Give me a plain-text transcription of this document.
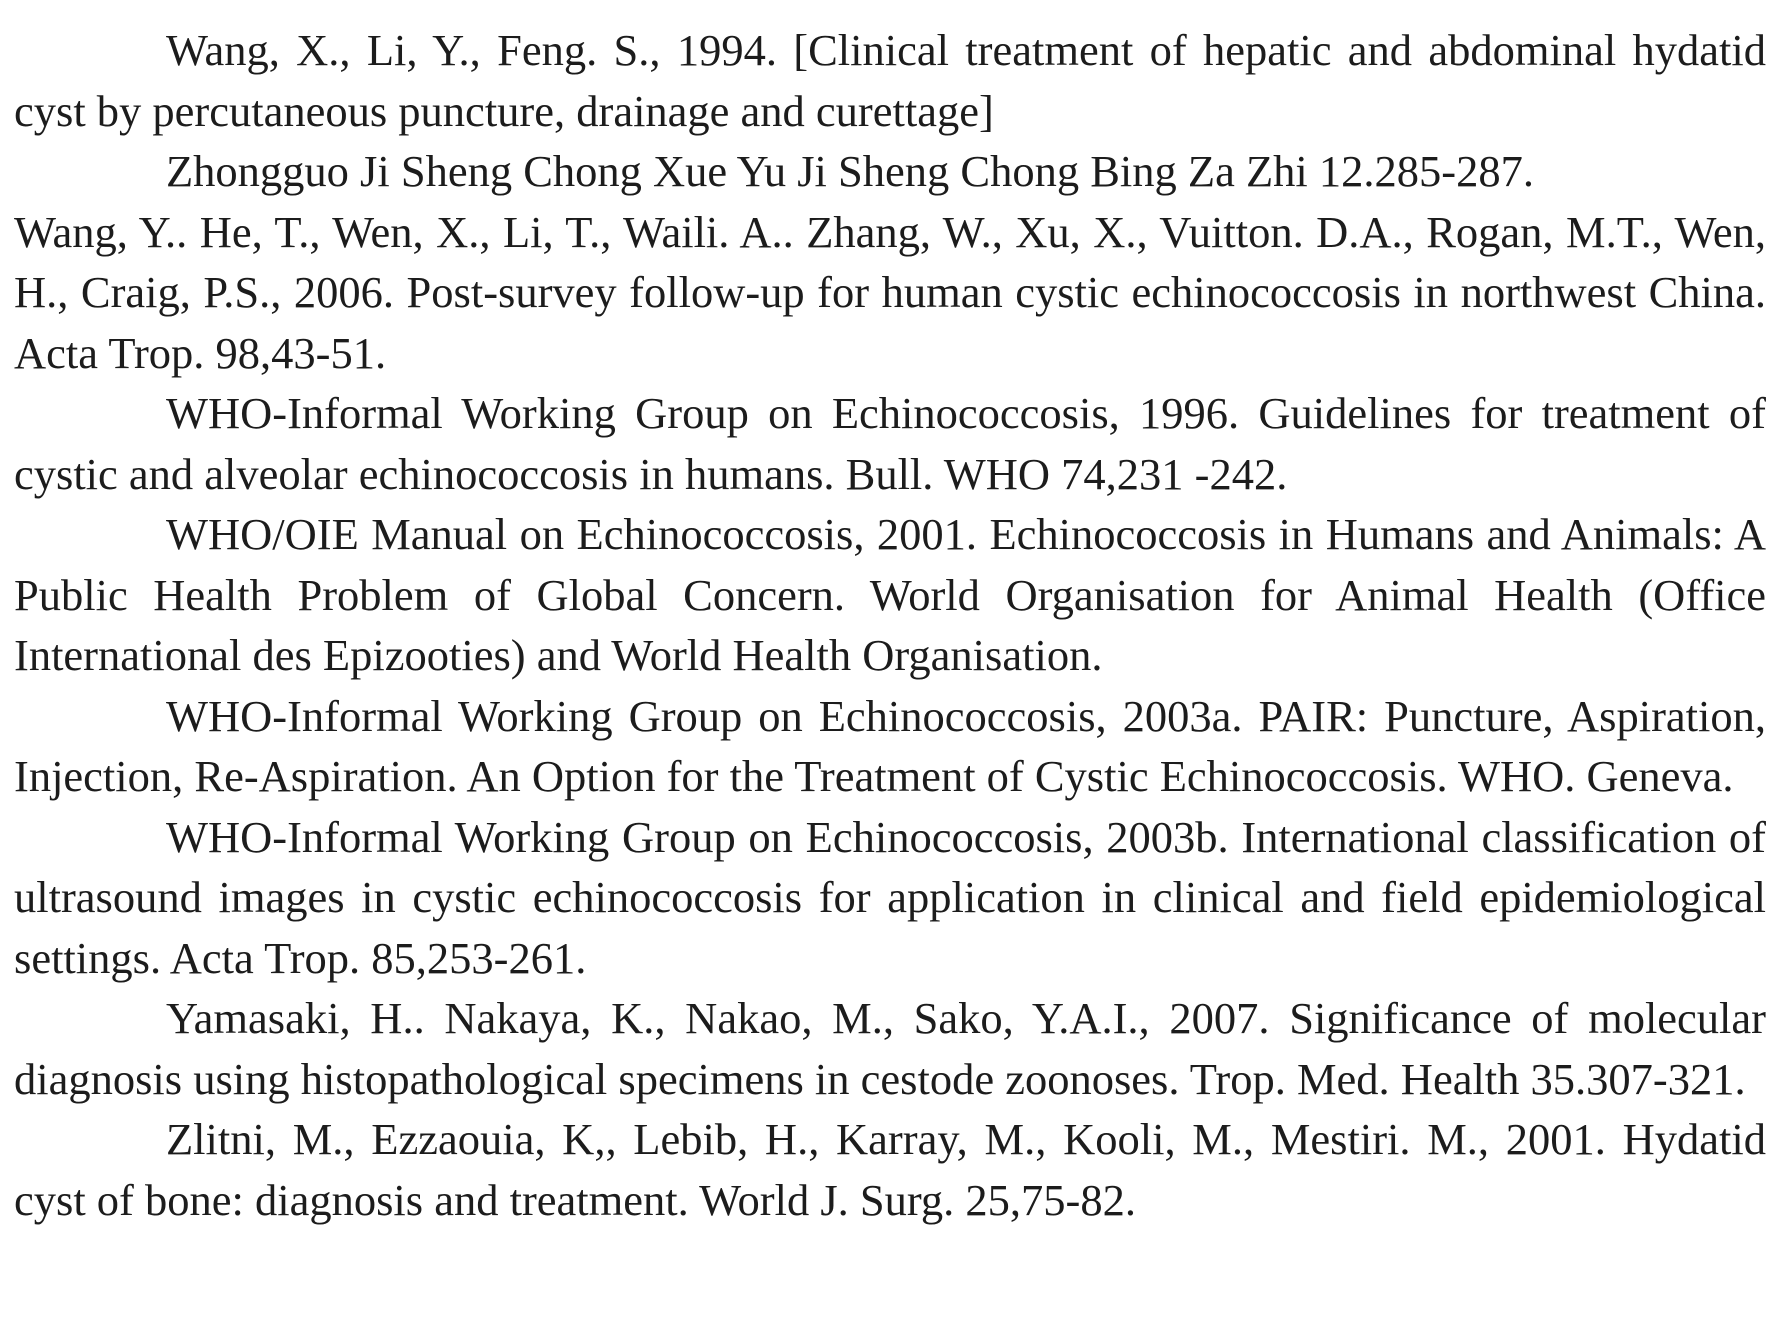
Wang, X., Li, Y., Feng. S., 1994. [Clinical treatment of hepatic and abdominal hydatid cyst by percutaneous puncture, drainage and curettage]

Zhongguo Ji Sheng Chong Xue Yu Ji Sheng Chong Bing Za Zhi 12.285-287.

Wang, Y.. He, T., Wen, X., Li, T., Waili. A.. Zhang, W., Xu, X., Vuitton. D.A., Rogan, M.T., Wen, H., Craig, P.S., 2006. Post-survey follow-up for human cystic echinococcosis in northwest China. Acta Trop. 98,43-51.

WHO-Informal Working Group on Echinococcosis, 1996. Guidelines for treatment of cystic and alveolar echinococcosis in humans. Bull. WHO 74,231 -242.

WHO/OIE Manual on Echinococcosis, 2001. Echinococcosis in Humans and Animals: A Public Health Problem of Global Concern. World Organisation for Animal Health (Office International des Epizooties) and World Health Organisation.

WHO-Informal Working Group on Echinococcosis, 2003a. PAIR: Puncture, Aspiration, Injection, Re-Aspiration. An Option for the Treatment of Cystic Echinococcosis. WHO. Geneva.

WHO-Informal Working Group on Echinococcosis, 2003b. International classification of ultrasound images in cystic echinococcosis for application in clinical and field epidemiological settings. Acta Trop. 85,253-261.

Yamasaki, H.. Nakaya, K., Nakao, M., Sako, Y.A.I., 2007. Significance of molecular diagnosis using histopathological specimens in cestode zoonoses. Trop. Med. Health 35.307-321.

Zlitni, M., Ezzaouia, K,, Lebib, H., Karray, M., Kooli, M., Mestiri. M., 2001. Hydatid cyst of bone: diagnosis and treatment. World J. Surg. 25,75-82.
